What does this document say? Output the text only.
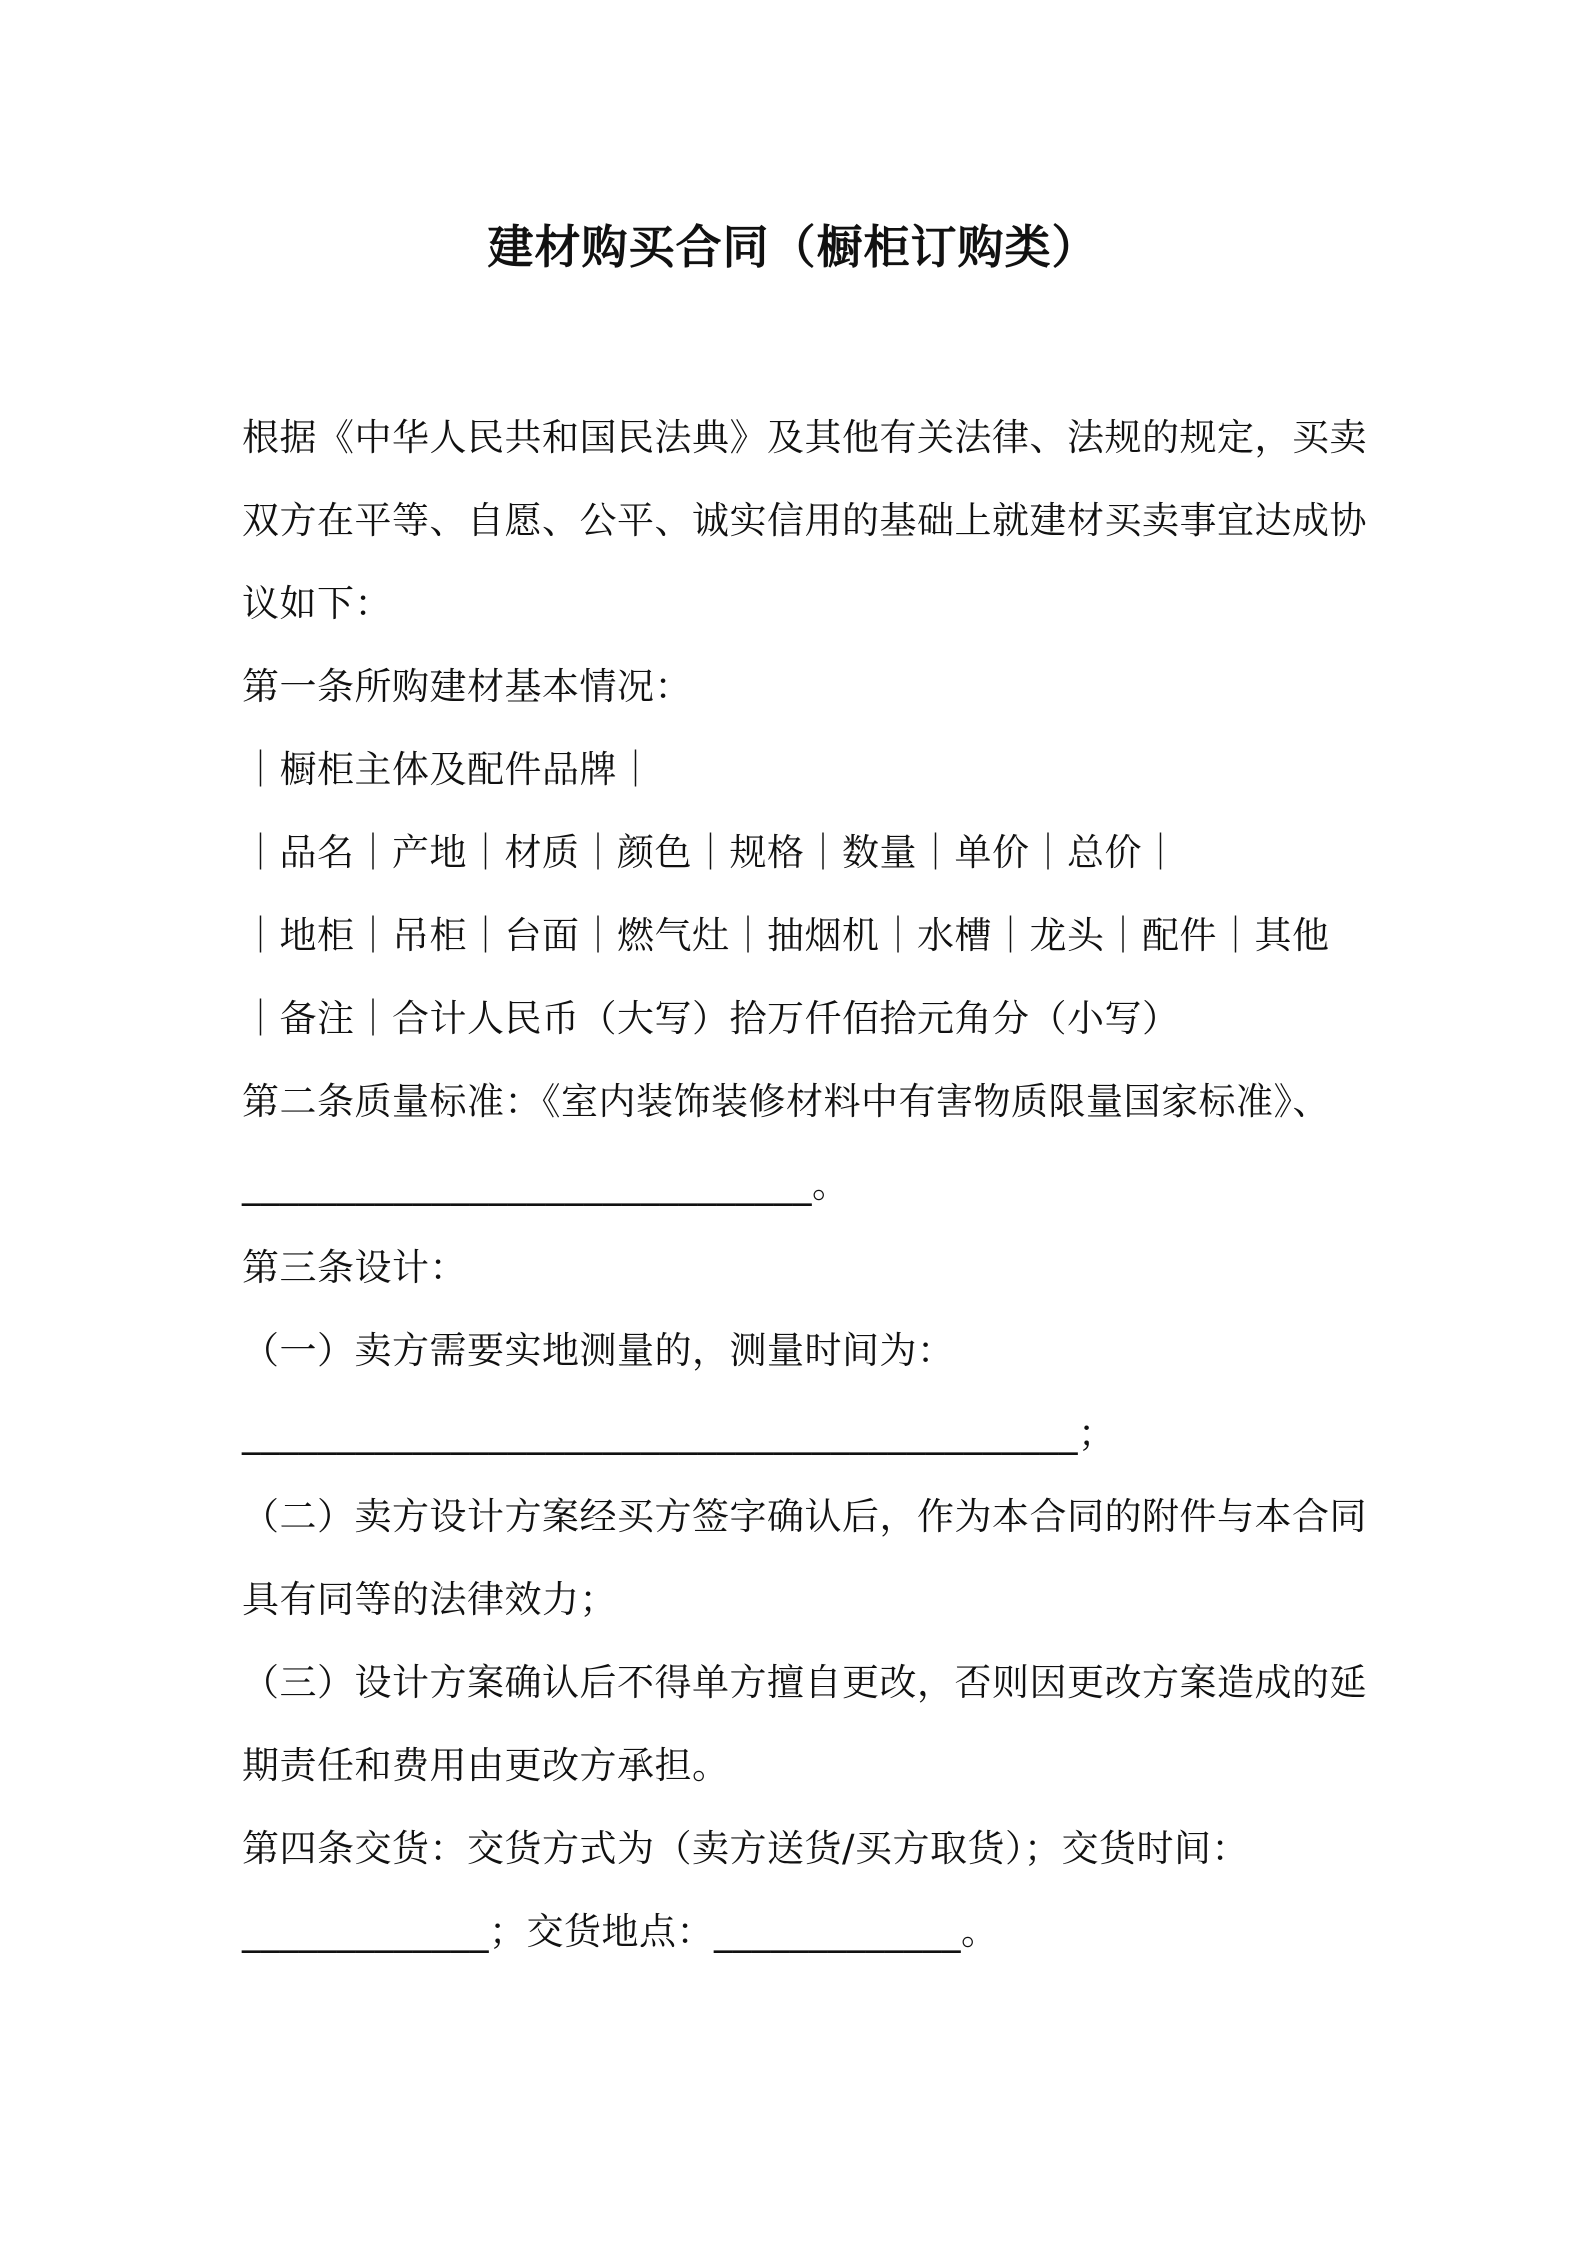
建材购买合同（橱柜订购类）
根据《中华人民共和国民法典》及其他有关法律、法规的规定，买卖
双方在平等、自愿、公平、诚实信用的基础上就建材买卖事宜达成协
议如下：
第一条所购建材基本情况：
｜橱柜主体及配件品牌｜
｜品名｜产地｜材质｜颜色｜规格｜数量｜单价｜总价｜
｜地柜｜吊柜｜台面｜燃气灶｜抽烟机｜水槽｜龙头｜配件｜其他
｜备注｜合计人民币（大写）拾万仟佰拾元角分（小写）
第二条质量标准：《室内装饰装修材料中有害物质限量国家标准》、
______________________________。
第三条设计：
（一）卖方需要实地测量的，测量时间为：
____________________________________________；
（二）卖方设计方案经买方签字确认后，作为本合同的附件与本合同
具有同等的法律效力；
（三）设计方案确认后不得单方擅自更改，否则因更改方案造成的延
期责任和费用由更改方承担。
第四条交货：交货方式为（卖方送货/买方取货）；交货时间：
_____________；交货地点：_____________。
